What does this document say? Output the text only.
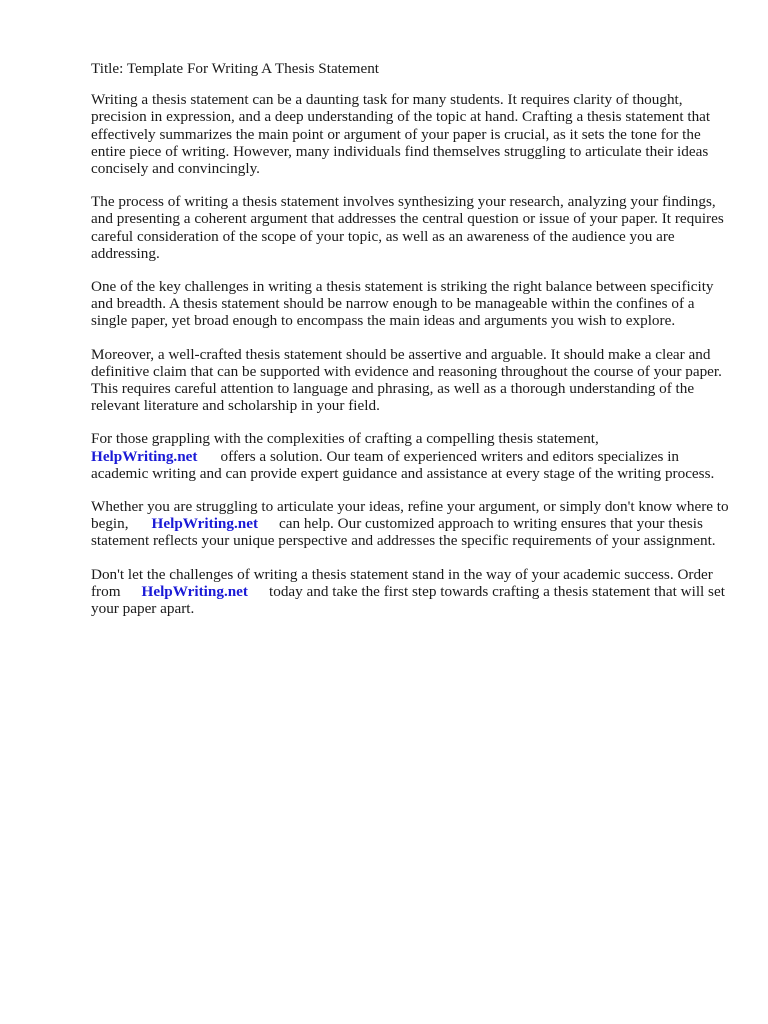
Title: Template For Writing A Thesis Statement

Writing a thesis statement can be a daunting task for many students. It requires clarity of thought, precision in expression, and a deep understanding of the topic at hand. Crafting a thesis statement that effectively summarizes the main point or argument of your paper is crucial, as it sets the tone for the entire piece of writing. However, many individuals find themselves struggling to articulate their ideas concisely and convincingly.

The process of writing a thesis statement involves synthesizing your research, analyzing your findings, and presenting a coherent argument that addresses the central question or issue of your paper. It requires careful consideration of the scope of your topic, as well as an awareness of the audience you are addressing.

One of the key challenges in writing a thesis statement is striking the right balance between specificity and breadth. A thesis statement should be narrow enough to be manageable within the confines of a single paper, yet broad enough to encompass the main ideas and arguments you wish to explore.

Moreover, a well-crafted thesis statement should be assertive and arguable. It should make a clear and definitive claim that can be supported with evidence and reasoning throughout the course of your paper. This requires careful attention to language and phrasing, as well as a thorough understanding of the relevant literature and scholarship in your field.

For those grappling with the complexities of crafting a compelling thesis statement,
HelpWriting.net offers a solution. Our team of experienced writers and editors specializes in academic writing and can provide expert guidance and assistance at every stage of the writing process.

Whether you are struggling to articulate your ideas, refine your argument, or simply don't know where to begin, HelpWriting.net can help. Our customized approach to writing ensures that your thesis statement reflects your unique perspective and addresses the specific requirements of your assignment.

Don't let the challenges of writing a thesis statement stand in the way of your academic success. Order from HelpWriting.net today and take the first step towards crafting a thesis statement that will set your paper apart.
